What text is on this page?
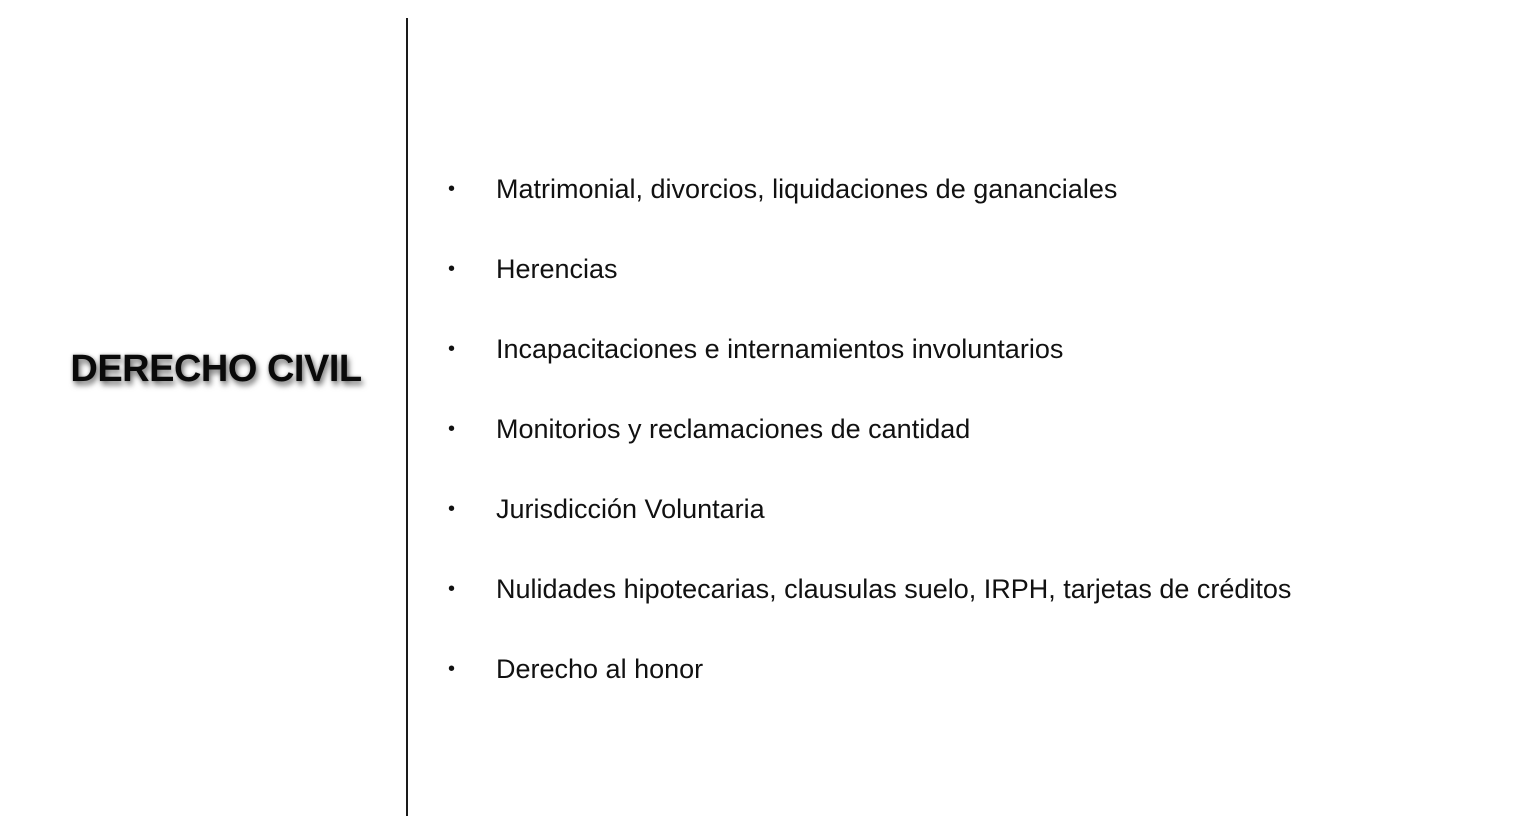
DERECHO CIVIL
•	Matrimonial, divorcios, liquidaciones de gananciales
•	Herencias
•	Incapacitaciones e internamientos involuntarios
•	Monitorios y reclamaciones de cantidad
•	Jurisdicción Voluntaria
•	Nulidades hipotecarias, clausulas suelo, IRPH, tarjetas de créditos
•	Derecho al honor
